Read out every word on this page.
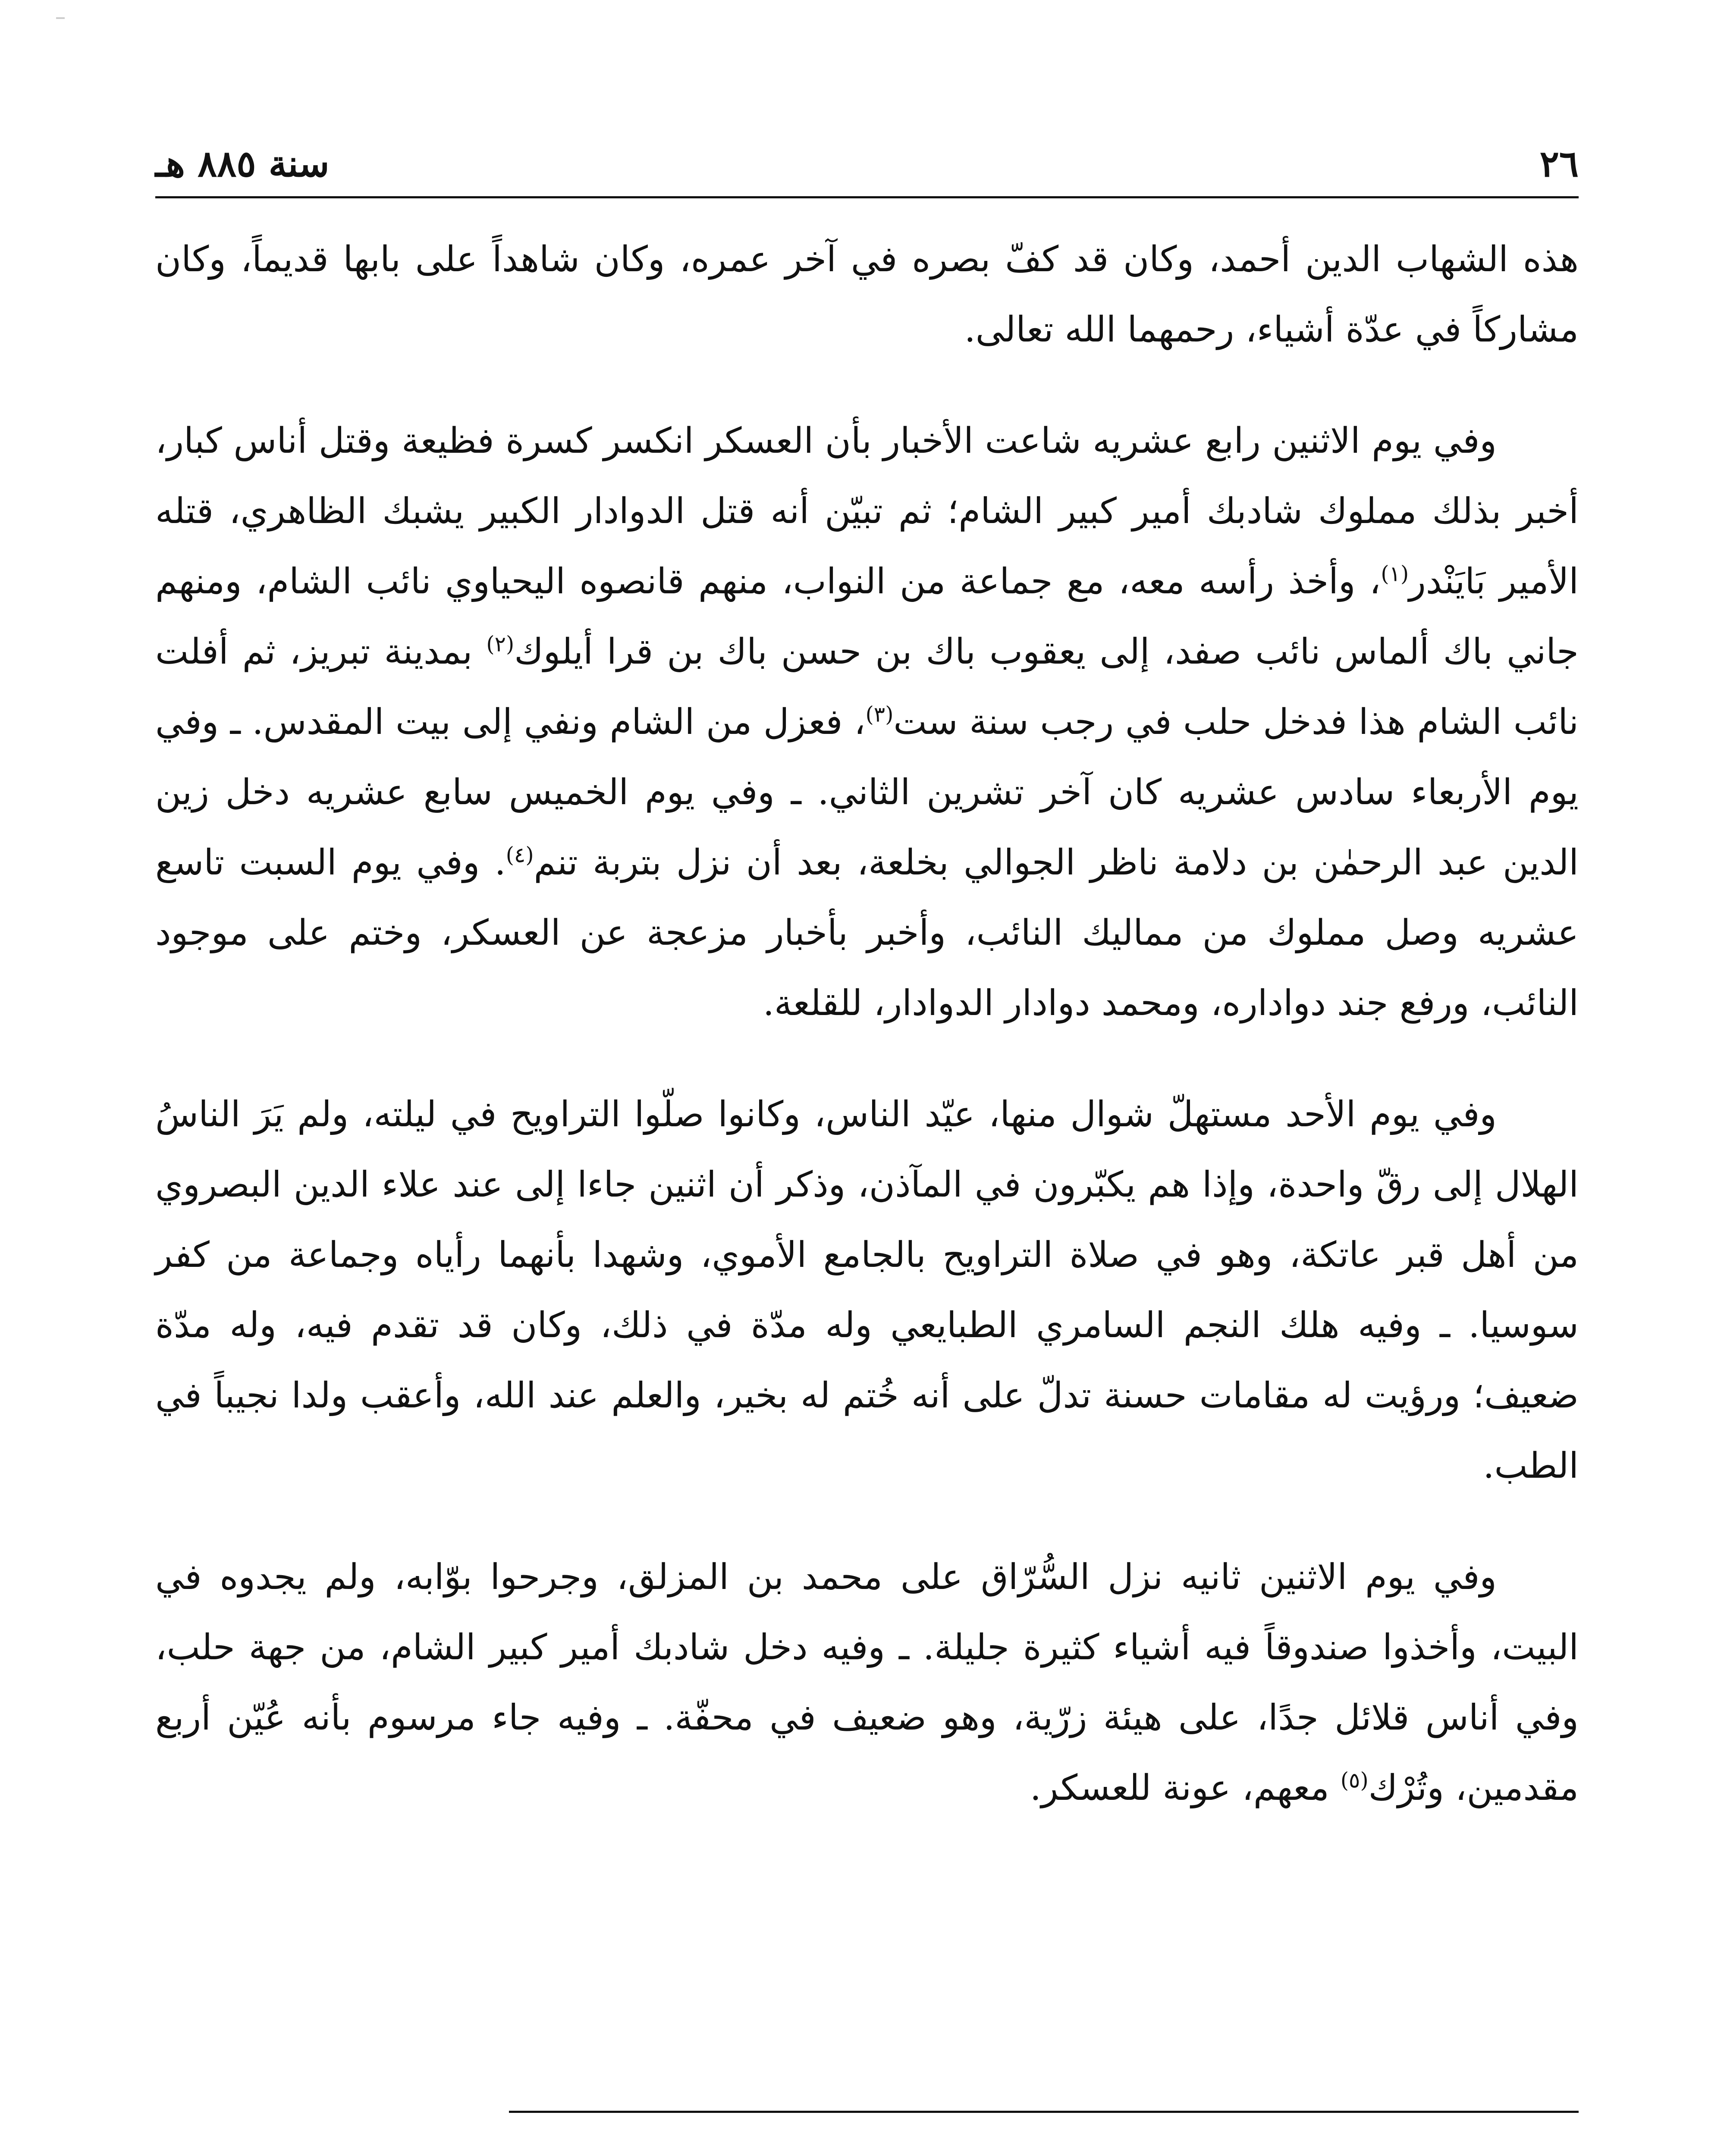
٢٦
سنة ٨٨٥ هـ

هذه الشهاب الدين أحمد، وكان قد كفّ بصره في آخر عمره، وكان شاهداً على بابها قديماً، وكان مشاركاً في عدّة أشياء، رحمهما الله تعالى.

وفي يوم الاثنين رابع عشريه شاعت الأخبار بأن العسكر انكسر كسرة فظيعة وقتل أناس كبار، أخبر بذلك مملوك شادبك أمير كبير الشام؛ ثم تبيّن أنه قتل الدوادار الكبير يشبك الظاهري، قتله الأمير بَايَنْدر$^{(١)}$، وأخذ رأسه معه، مع جماعة من النواب، منهم قانصوه اليحياوي نائب الشام، ومنهم جاني باك ألماس نائب صفد، إلى يعقوب باك بن حسن باك بن قرا أيلوك$^{(٢)}$ بمدينة تبريز، ثم أفلت نائب الشام هذا فدخل حلب في رجب سنة ست$^{(٣)}$، فعزل من الشام ونفي إلى بيت المقدس. ـ وفي يوم الأربعاء سادس عشريه كان آخر تشرين الثاني. ـ وفي يوم الخميس سابع عشريه دخل زين الدين عبد الرحمٰن بن دلامة ناظر الجوالي بخلعة، بعد أن نزل بتربة تنم$^{(٤)}$. وفي يوم السبت تاسع عشريه وصل مملوك من مماليك النائب، وأخبر بأخبار مزعجة عن العسكر، وختم على موجود النائب، ورفع جند دواداره، ومحمد دوادار الدوادار، للقلعة.

وفي يوم الأحد مستهلّ شوال منها، عيّد الناس، وكانوا صلّوا التراويح في ليلته، ولم يَرَ الناسُ الهلال إلى رقّ واحدة، وإذا هم يكبّرون في المآذن، وذكر أن اثنين جاءا إلى عند علاء الدين البصروي من أهل قبر عاتكة، وهو في صلاة التراويح بالجامع الأموي، وشهدا بأنهما رأياه وجماعة من كفر سوسيا. ـ وفيه هلك النجم السامري الطبايعي وله مدّة في ذلك، وكان قد تقدم فيه، وله مدّة ضعيف؛ ورؤيت له مقامات حسنة تدلّ على أنه خُتم له بخير، والعلم عند الله، وأعقب ولدا نجيباً في الطب.

وفي يوم الاثنين ثانيه نزل السُّرّاق على محمد بن المزلق، وجرحوا بوّابه، ولم يجدوه في البيت، وأخذوا صندوقاً فيه أشياء كثيرة جليلة. ـ وفيه دخل شادبك أمير كبير الشام، من جهة حلب، وفي أناس قلائل جدًا، على هيئة زرّية، وهو ضعيف في محفّة. ـ وفيه جاء مرسوم بأنه عُيّن أربع مقدمين، وتُرْك$^{(٥)}$ معهم، عونة للعسكر.
